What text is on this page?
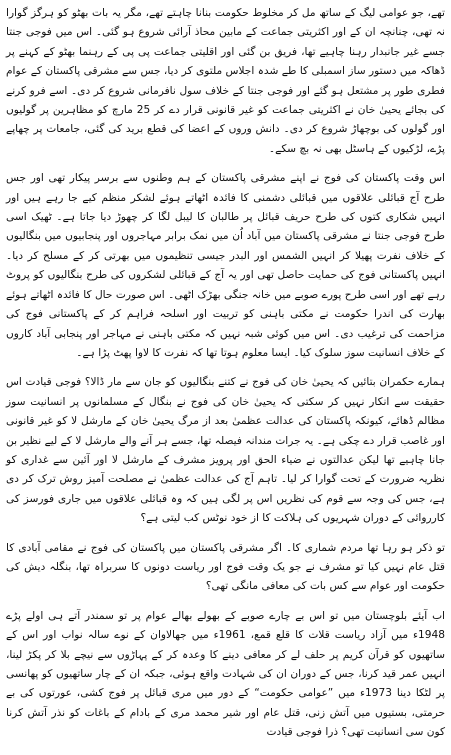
تھے، جو عوامی لیگ کے ساتھ مل کر مخلوط حکومت بنانا چاہتے تھے، مگر یہ بات بھٹو کو ہرگز گوارا نہ تھی، چنانچہ ان کے اور اکثریتی جماعت کے مابین محاذ آرائی شروع ہو گئی۔ اس میں فوجی جنتا جسے غیر جانبدار رہنا چاہیے تھا، فریق بن گئی اور اقلیتی جماعت پی پی کے رہنما بھٹو کے کہنے پر ڈھاکہ میں دستور ساز اسمبلی کا طے شدہ اجلاس ملتوی کر دیا، جس سے مشرقی پاکستان کے عوام فطری طور پر مشتعل ہو گئے اور فوجی جنتا کے خلاف سول نافرمانی شروع کر دی۔ اسے فرو کرنے کی بجائے یحییٰ خان نے اکثریتی جماعت کو غیر قانونی قرار دے کر 25 مارچ کو مظاہرین پر گولیوں اور گولوں کی بوچھاڑ شروع کر دی۔ دانش وروں کے اعضا کی قطع برید کی گئی، جامعات پر چھاپے پڑے، لڑکیوں کے ہاسٹل بھی نہ بچ سکے۔

اس وقت پاکستان کی فوج نے اپنے مشرقی پاکستان کے ہم وطنوں سے برسر پیکار تھی اور جس طرح آج قبائلی علاقوں میں قبائلی دشمنی کا فائدہ اٹھاتے ہوئے لشکر منظم کیے جا رہے ہیں اور انہیں شکاری کتوں کی طرح حریف قبائل پر طالبان کا لیبل لگا کر چھوڑ دیا جاتا ہے۔ ٹھیک اسی طرح فوجی جنتا نے مشرقی پاکستان میں آباد اُن میں نمک برابر مہاجروں اور پنجابیوں میں بنگالیوں کے خلاف نفرت پھیلا کر انہیں الشمس اور البدر جیسی تنظیموں میں بھرتی کر کے مسلح کر دیا۔ انہیں پاکستانی فوج کی حمایت حاصل تھی اور یہ آج کے قبائلی لشکروں کی طرح بنگالیوں کو پروٹ رہے تھے اور اسی طرح پورے صوبے میں خانہ جنگی بھڑک اٹھی۔ اس صورت حال کا فائدہ اٹھاتے ہوئے بھارت کی اندرا حکومت نے مکتی باہنی کو تربیت اور اسلحہ فراہم کر کے پاکستانی فوج کی مزاحمت کی ترغیب دی۔ اس میں کوئی شبہ نہیں کہ مکتی باہنی نے مہاجر اور پنجابی آباد کاروں کے خلاف انسانیت سوز سلوک کیا۔ ایسا معلوم ہوتا تھا کہ نفرت کا لاوا پھٹ پڑا ہے۔

ہمارے حکمران بتائیں کہ یحییٰ خان کی فوج نے کتنے بنگالیوں کو جان سے مار ڈالا؟ فوجی قیادت اس حقیقت سے انکار نہیں کر سکتی کہ یحییٰ خان کی فوج نے بنگال کے مسلمانوں پر انسانیت سوز مظالم ڈھائے، کیونکہ پاکستان کی عدالت عظمیٰ بعد از مرگ یحییٰ خان کے مارشل لا کو غیر قانونی اور غاصب قرار دے چکی ہے۔ یہ جرات مندانہ فیصلہ تھا، جسے ہر آنے والے مارشل لا کے لیے نظیر بن جانا چاہیے تھا لیکن عدالتوں نے ضیاء الحق اور پرویز مشرف کے مارشل لا اور آئین سے غداری کو نظریہ ضرورت کے تحت گوارا کر لیا۔ تاہم آج کی عدالت عظمیٰ نے مصلحت آمیز روش ترک کر دی ہے، جس کی وجہ سے قوم کی نظریں اس پر لگی ہیں کہ وہ قبائلی علاقوں میں جاری فورسز کی کارروائی کے دوران شہریوں کی ہلاکت کا از خود نوٹس کب لیتی ہے؟

تو ذکر ہو رہا تھا مردم شماری کا۔ اگر مشرقی پاکستان میں پاکستان کی فوج نے مقامی آبادی کا قتل عام نہیں کیا تو مشرف نے جو یک وقت فوج اور ریاست دونوں کا سربراہ تھا، بنگلہ دیش کی حکومت اور عوام سے کس بات کی معافی مانگی تھی؟

اب آیئے بلوچستان میں تو اس بے چارے صوبے کے بھولے بھالے عوام پر تو سمندر آتے ہی اولے پڑے 1948ء میں آزاد ریاست قلات کا قلع قمع، 1961ء میں جھالاوان کے نوے سالہ نواب اور اس کے ساتھیوں کو قرآن کریم پر حلف لے کر معافی دینے کا وعدہ کر کے پہاڑوں سے نیچے بلا کر پکڑ لینا، انہیں عمر قید کرنا، جس کے دوران ان کی شہادت واقع ہوئی، جبکہ ان کے چار ساتھیوں کو پھانسی پر لٹکا دینا 1973ء میں ”عوامی حکومت“ کے دور میں مری قبائل پر فوج کشی، عورتوں کی بے حرمتی، بستیوں میں آتش زنی، قتل عام اور شیر محمد مری کے بادام کے باغات کو نذر آتش کرنا کون سی انسانیت تھی؟ ذرا فوجی قیادت
